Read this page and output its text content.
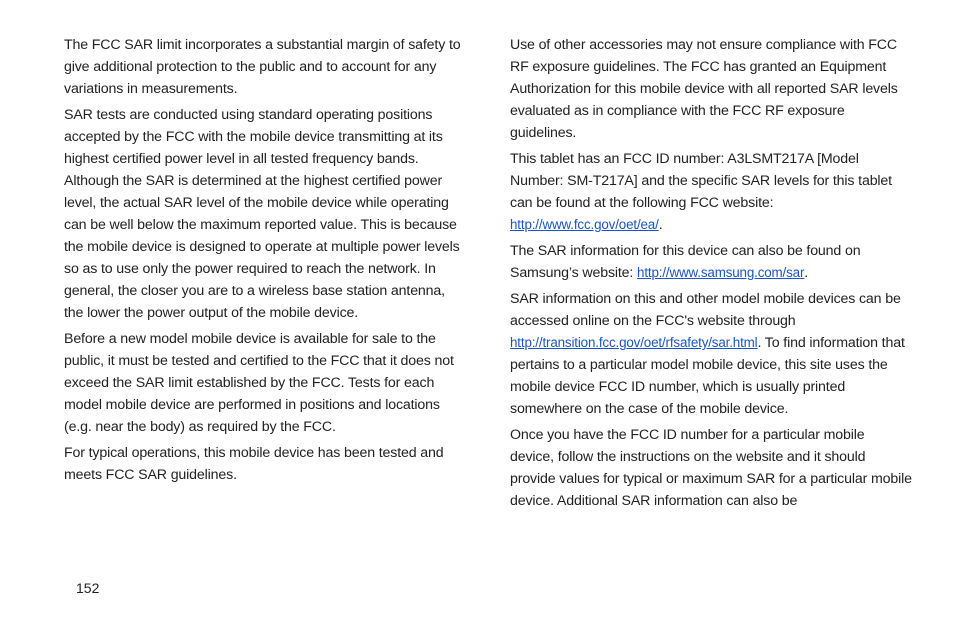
The FCC SAR limit incorporates a substantial margin of safety to give additional protection to the public and to account for any variations in measurements.

SAR tests are conducted using standard operating positions accepted by the FCC with the mobile device transmitting at its highest certified power level in all tested frequency bands. Although the SAR is determined at the highest certified power level, the actual SAR level of the mobile device while operating can be well below the maximum reported value. This is because the mobile device is designed to operate at multiple power levels so as to use only the power required to reach the network. In general, the closer you are to a wireless base station antenna, the lower the power output of the mobile device.

Before a new model mobile device is available for sale to the public, it must be tested and certified to the FCC that it does not exceed the SAR limit established by the FCC. Tests for each model mobile device are performed in positions and locations (e.g. near the body) as required by the FCC.

For typical operations, this mobile device has been tested and meets FCC SAR guidelines.

Use of other accessories may not ensure compliance with FCC RF exposure guidelines. The FCC has granted an Equipment Authorization for this mobile device with all reported SAR levels evaluated as in compliance with the FCC RF exposure guidelines.

This tablet has an FCC ID number: A3LSMT217A [Model Number: SM-T217A] and the specific SAR levels for this tablet can be found at the following FCC website: http://www.fcc.gov/oet/ea/.

The SAR information for this device can also be found on Samsung’s website: http://www.samsung.com/sar.

SAR information on this and other model mobile devices can be accessed online on the FCC's website through http://transition.fcc.gov/oet/rfsafety/sar.html. To find information that pertains to a particular model mobile device, this site uses the mobile device FCC ID number, which is usually printed somewhere on the case of the mobile device.

Once you have the FCC ID number for a particular mobile device, follow the instructions on the website and it should provide values for typical or maximum SAR for a particular mobile device. Additional SAR information can also be

152
